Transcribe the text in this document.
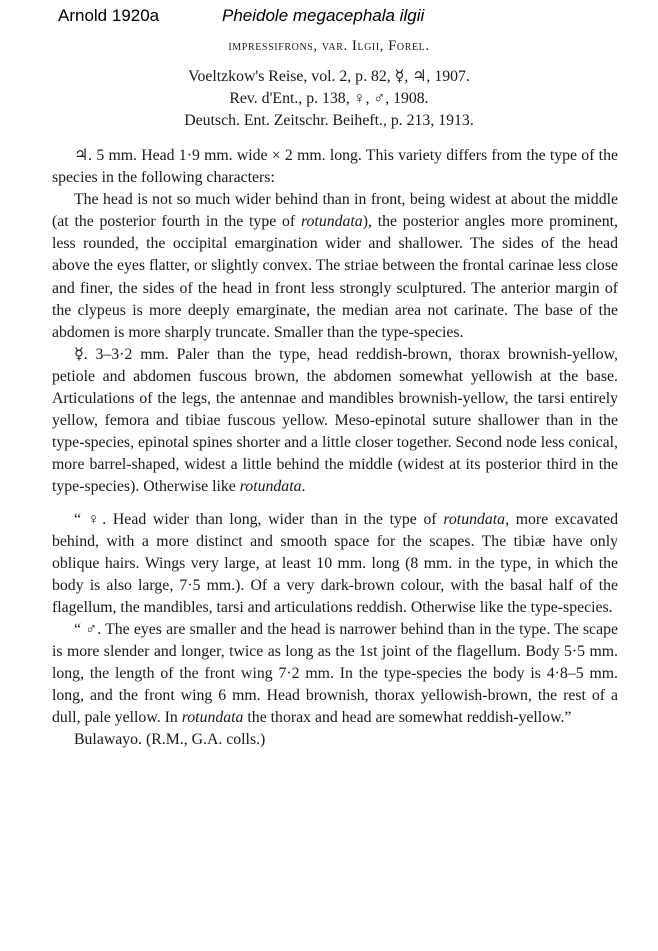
Arnold 1920a	Pheidole megacephala ilgii
impressifrons, var. Ilgii, Forel.
Voeltzkow's Reise, vol. 2, p. 82, ☿, ♃, 1907.
Rev. d'Ent., p. 138, ♀, ♂, 1908.
Deutsch. Ent. Zeitschr. Beiheft., p. 213, 1913.

♃. 5 mm. Head 1·9 mm. wide × 2 mm. long. This variety differs from the type of the species in the following characters:

The head is not so much wider behind than in front, being widest at about the middle (at the posterior fourth in the type of rotundata), the posterior angles more prominent, less rounded, the occipital emargination wider and shallower. The sides of the head above the eyes flatter, or slightly convex. The striae between the frontal carinae less close and finer, the sides of the head in front less strongly sculptured. The anterior margin of the clypeus is more deeply emarginate, the median area not carinate. The base of the abdomen is more sharply truncate. Smaller than the type-species.

☿. 3–3·2 mm. Paler than the type, head reddish-brown, thorax brownish-yellow, petiole and abdomen fuscous brown, the abdomen somewhat yellowish at the base. Articulations of the legs, the antennae and mandibles brownish-yellow, the tarsi entirely yellow, femora and tibiae fuscous yellow. Meso-epinotal suture shallower than in the type-species, epinotal spines shorter and a little closer together. Second node less conical, more barrel-shaped, widest a little behind the middle (widest at its posterior third in the type-species). Otherwise like rotundata.

“ ♀. Head wider than long, wider than in the type of rotundata, more excavated behind, with a more distinct and smooth space for the scapes. The tibiæ have only oblique hairs. Wings very large, at least 10 mm. long (8 mm. in the type, in which the body is also large, 7·5 mm.). Of a very dark-brown colour, with the basal half of the flagellum, the mandibles, tarsi and articulations reddish. Otherwise like the type-species.

“ ♂. The eyes are smaller and the head is narrower behind than in the type. The scape is more slender and longer, twice as long as the 1st joint of the flagellum. Body 5·5 mm. long, the length of the front wing 7·2 mm. In the type-species the body is 4·8–5 mm. long, and the front wing 6 mm. Head brownish, thorax yellowish-brown, the rest of a dull, pale yellow. In rotundata the thorax and head are somewhat reddish-yellow.”

Bulawayo. (R.M., G.A. colls.)
